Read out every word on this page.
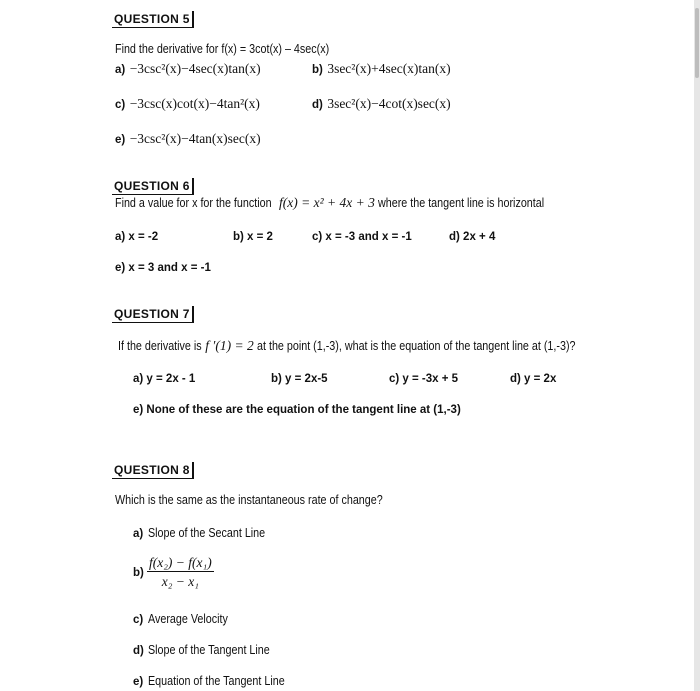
QUESTION 5
Find the derivative for f(x) = 3cot(x) – 4sec(x)
a) −3csc²(x)−4sec(x)tan(x)	b) 3sec²(x)+4sec(x)tan(x)
c) −3csc(x)cot(x)−4tan²(x)	d) 3sec²(x)−4cot(x)sec(x)
e) −3csc²(x)−4tan(x)sec(x)
QUESTION 6
Find a value for x for the function f(x) = x² + 4x + 3 where the tangent line is horizontal
a) x = -2	b) x = 2	c) x = -3 and x = -1	d) 2x + 4
e) x = 3 and x = -1
QUESTION 7
If the derivative is f ′(1) = 2 at the point (1,-3), what is the equation of the tangent line at (1,-3)?
a) y = 2x - 1	b) y = 2x-5	c) y = -3x + 5	d) y = 2x
e) None of these are the equation of the tangent line at (1,-3)
QUESTION 8
Which is the same as the instantaneous rate of change?
a) Slope of the Secant Line
$b) \frac{\text{f(x₂) − f(x₁)}}{\text{x₂ − x₁}}$
c) Average Velocity
d) Slope of the Tangent Line
e) Equation of the Tangent Line
